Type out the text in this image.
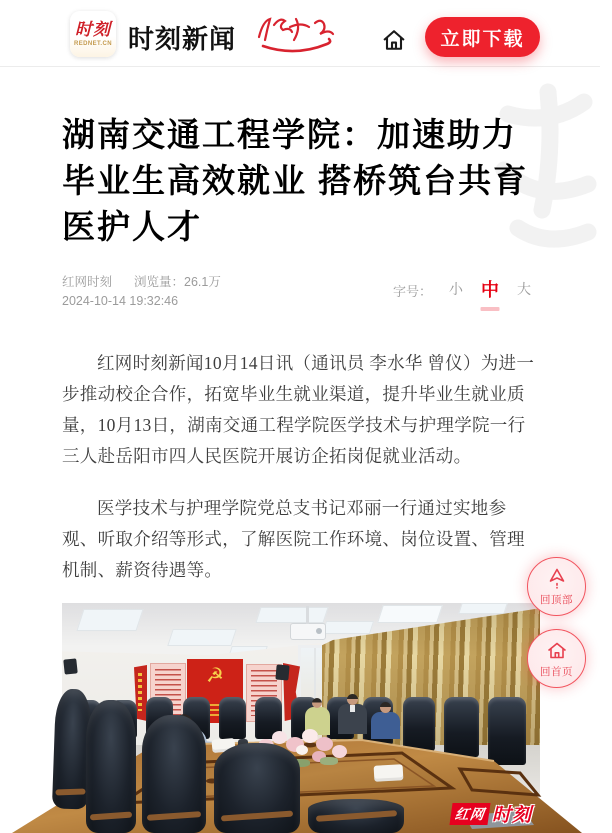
时刻
REDNET.CN 时刻新闻	立即下载
湖南交通工程学院：加速助力毕业生高效就业 搭桥筑台共育医护人才
红网时刻 浏览量：26.1万
2024-10-14 19:32:46
字号： 小 中 大

红网时刻新闻10月14日讯（通讯员 李水华 曾仪）为进一步推动校企合作，拓宽毕业生就业渠道，提升毕业生就业质量，10月13日，湖南交通工程学院医学技术与护理学院一行三人赴岳阳市四人民医院开展访企拓岗促就业活动。

医学技术与护理学院党总支书记邓丽一行通过实地参观、听取介绍等形式，了解医院工作环境、岗位设置、管理机制、薪资待遇等。

☭
红网 时刻
回顶部
回首页
